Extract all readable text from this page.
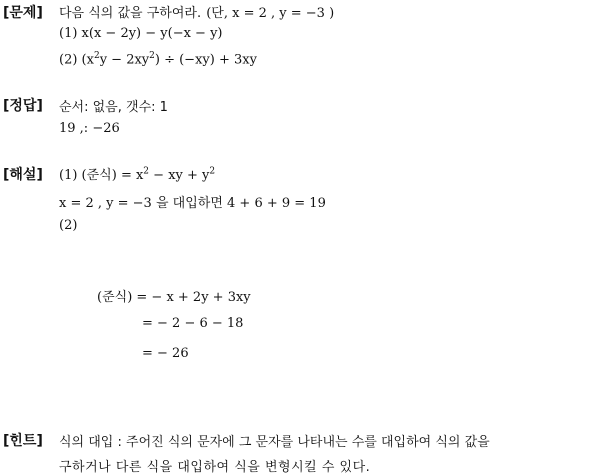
[문제] 다음 식의 값을 구하여라. (단, x = 2 , y = −3 )
(1) x(x − 2y) − y(−x − y)
(2) $(x^2y - 2xy^2) \div (-xy) + 3xy$
[정답] 순서: 없음, 갯수: 1
19 ,: −26
[해설] (1) (준식) = $x^2$ − xy + $y^2$
x = 2 , y = −3 을 대입하면 4 + 6 + 9 = 19
(2)
(준식) = − x + 2y + 3xy
= − 2 − 6 − 18
= − 26
[힌트] 식의 대입 : 주어진 식의 문자에 그 문자를 나타내는 수를 대입하여 식의 값을
구하거나 다른 식을 대입하여 식을 변형시킬 수 있다.
